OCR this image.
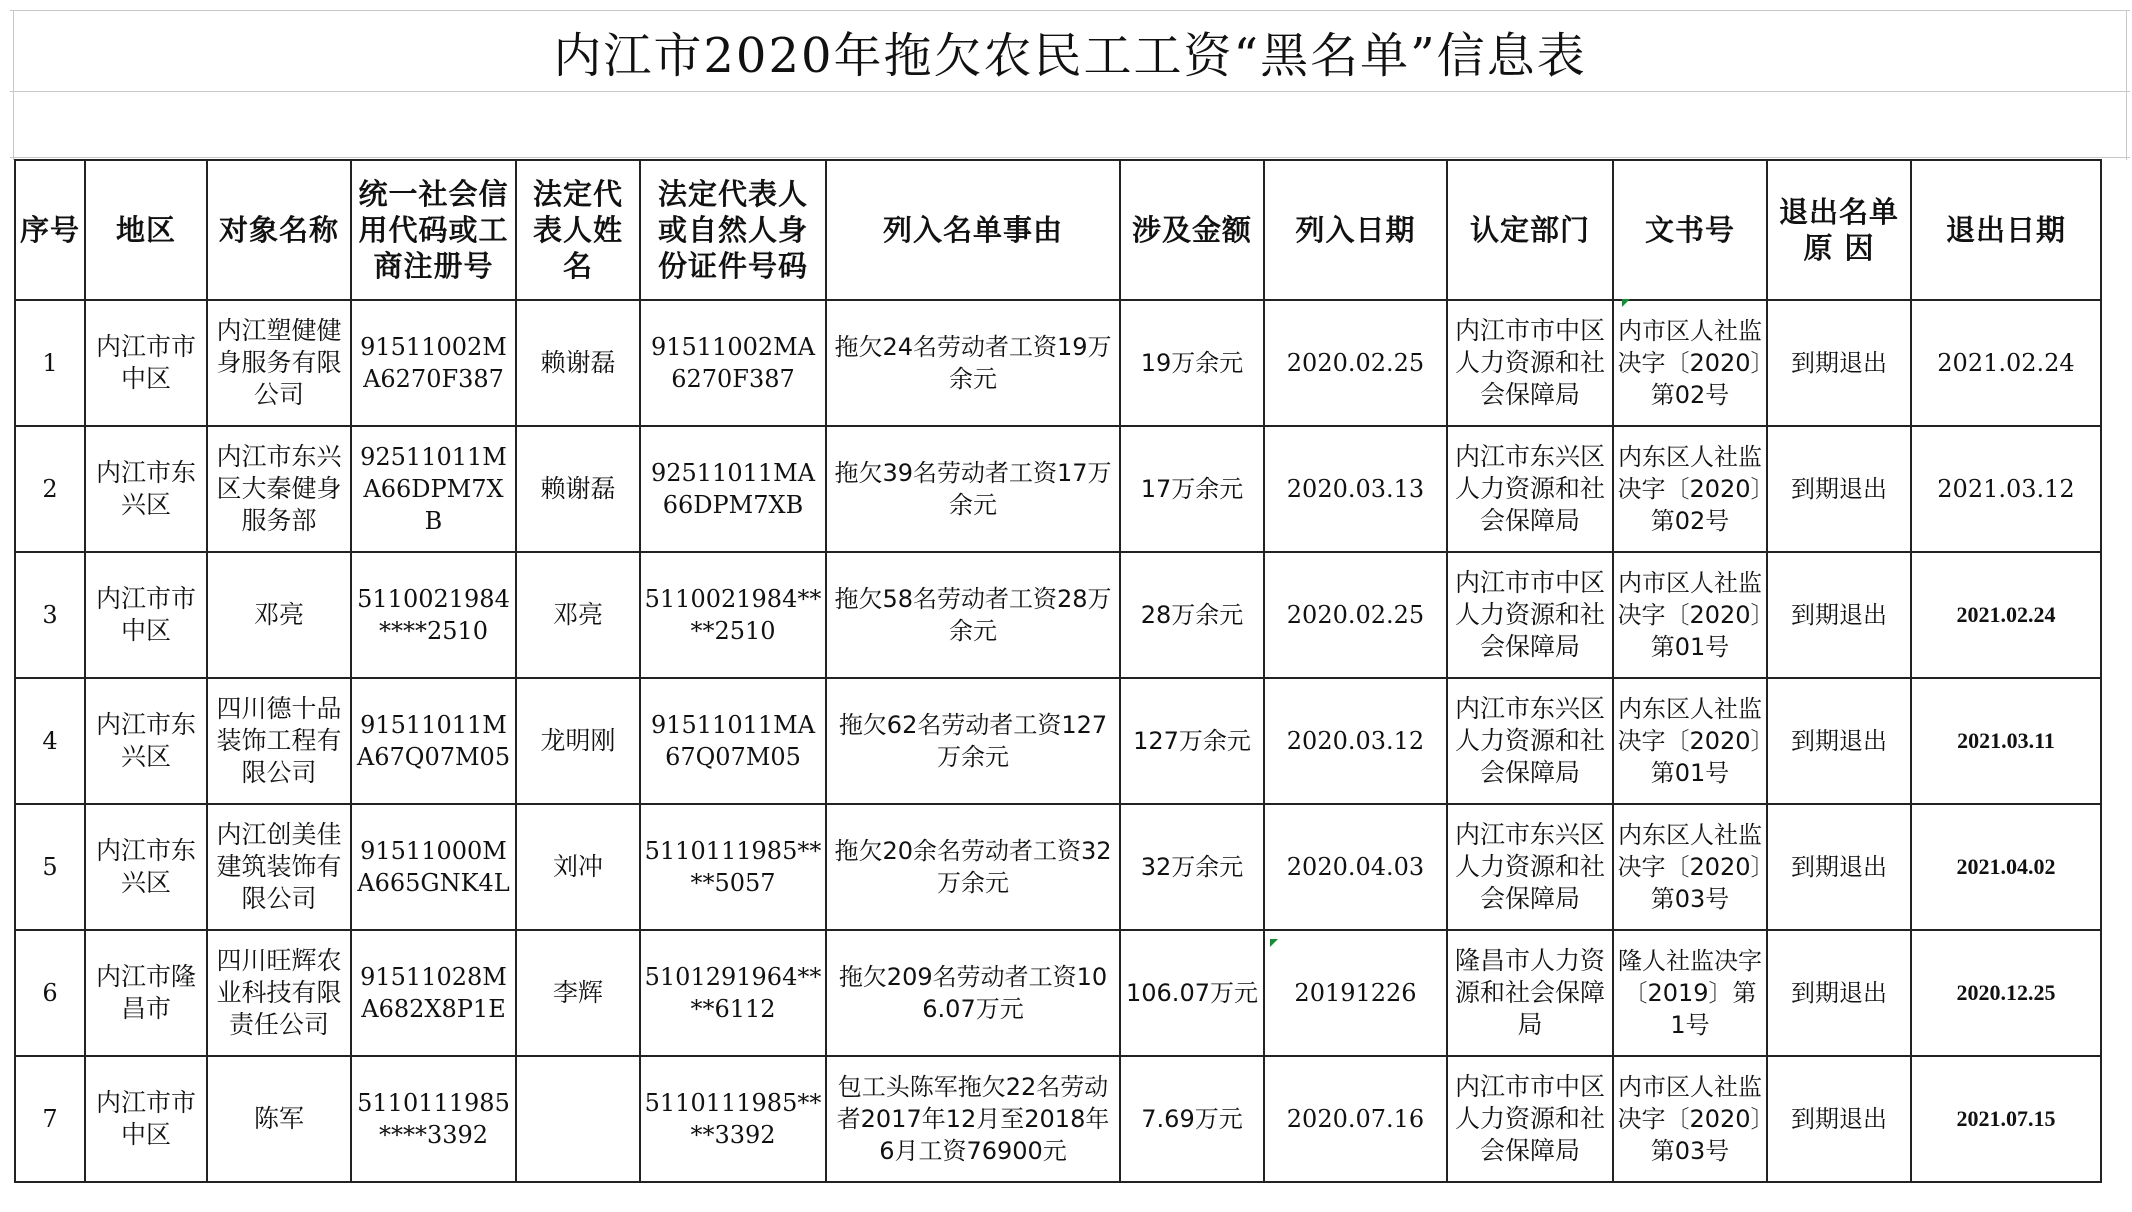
内江市2020年拖欠农民工工资“黑名单”信息表
序号	地区	对象名称	统一社会信用代码或工商注册号	法定代表人姓名	法定代表人或自然人身份证件号码	列入名单事由	涉及金额	列入日期	认定部门	文书号	退出名单原 因	退出日期
1	内江市市中区	内江塑健健身服务有限公司	91511002MA6270F387	赖谢磊	91511002MA6270F387	拖欠24名劳动者工资19万余元	19万余元	2020.02.25	内江市市中区人力资源和社会保障局	内市区人社监决字〔2020〕第02号	到期退出	2021.02.24
2	内江市东兴区	内江市东兴区大秦健身服务部	92511011MA66DPM7XB	赖谢磊	92511011MA66DPM7XB	拖欠39名劳动者工资17万余元	17万余元	2020.03.13	内江市东兴区人力资源和社会保障局	内东区人社监决字〔2020〕第02号	到期退出	2021.03.12
3	内江市市中区	邓亮	5110021984****2510	邓亮	5110021984****2510	拖欠58名劳动者工资28万余元	28万余元	2020.02.25	内江市市中区人力资源和社会保障局	内市区人社监决字〔2020〕第01号	到期退出	2021.02.24
4	内江市东兴区	四川德十品装饰工程有限公司	91511011MA67Q07M05	龙明刚	91511011MA67Q07M05	拖欠62名劳动者工资127万余元	127万余元	2020.03.12	内江市东兴区人力资源和社会保障局	内东区人社监决字〔2020〕第01号	到期退出	2021.03.11
5	内江市东兴区	内江创美佳建筑装饰有限公司	91511000MA665GNK4L	刘冲	5110111985****5057	拖欠20余名劳动者工资32万余元	32万余元	2020.04.03	内江市东兴区人力资源和社会保障局	内东区人社监决字〔2020〕第03号	到期退出	2021.04.02
6	内江市隆昌市	四川旺辉农业科技有限责任公司	91511028MA682X8P1E	李辉	5101291964****6112	拖欠209名劳动者工资106.07万元	106.07万元	20191226	隆昌市人力资源和社会保障局	隆人社监决字〔2019〕第1号	到期退出	2020.12.25
7	内江市市中区	陈军	5110111985****3392		5110111985****3392	包工头陈军拖欠22名劳动者2017年12月至2018年6月工资76900元	7.69万元	2020.07.16	内江市市中区人力资源和社会保障局	内市区人社监决字〔2020〕第03号	到期退出	2021.07.15
